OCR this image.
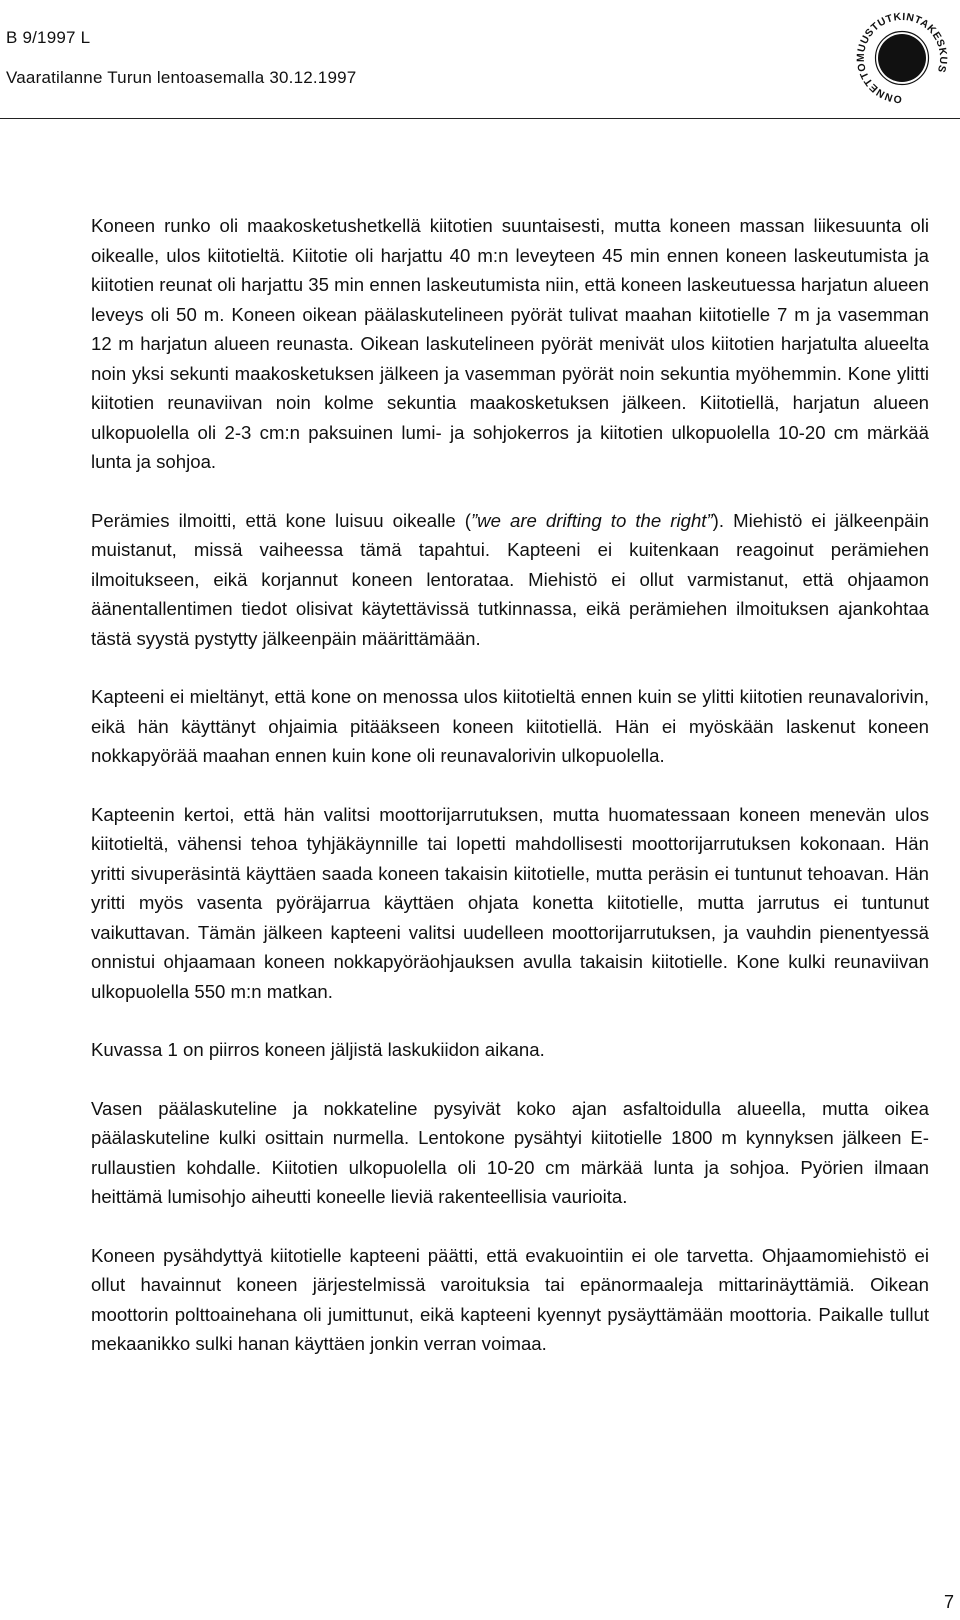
B 9/1997 L
Vaaratilanne Turun lentoasemalla 30.12.1997
ONNETTOMUUSTUTKINTAKESKUS

Koneen runko oli maakosketushetkellä kiitotien suuntaisesti, mutta koneen massan liikesuunta oli oikealle, ulos kiitotieltä. Kiitotie oli harjattu 40 m:n leveyteen 45 min ennen koneen laskeutumista ja kiitotien reunat oli harjattu 35 min ennen laskeutumista niin, että koneen laskeutuessa harjatun alueen leveys oli 50 m. Koneen oikean päälaskutelineen pyörät tulivat maahan kiitotielle 7 m ja vasemman 12 m harjatun alueen reunasta. Oikean laskutelineen pyörät menivät ulos kiitotien harjatulta alueelta noin yksi sekunti maakosketuksen jälkeen ja vasemman pyörät noin sekuntia myöhemmin. Kone ylitti kiitotien reunaviivan noin kolme sekuntia maakosketuksen jälkeen. Kiitotiellä, harjatun alueen ulkopuolella oli 2-3 cm:n paksuinen lumi- ja sohjokerros ja kiitotien ulkopuolella 10-20 cm märkää lunta ja sohjoa.

Perämies ilmoitti, että kone luisuu oikealle (”we are drifting to the right”). Miehistö ei jälkeenpäin muistanut, missä vaiheessa tämä tapahtui. Kapteeni ei kuitenkaan reagoinut perämiehen ilmoitukseen, eikä korjannut koneen lentorataa. Miehistö ei ollut varmistanut, että ohjaamon äänentallentimen tiedot olisivat käytettävissä tutkinnassa, eikä perämiehen ilmoituksen ajankohtaa tästä syystä pystytty jälkeenpäin määrittämään.

Kapteeni ei mieltänyt, että kone on menossa ulos kiitotieltä ennen kuin se ylitti kiitotien reunavalorivin, eikä hän käyttänyt ohjaimia pitääkseen koneen kiitotiellä. Hän ei myöskään laskenut koneen nokkapyörää maahan ennen kuin kone oli reunavalorivin ulkopuolella.

Kapteenin kertoi, että hän valitsi moottorijarrutuksen, mutta huomatessaan koneen menevän ulos kiitotieltä, vähensi tehoa tyhjäkäynnille tai lopetti mahdollisesti moottorijarrutuksen kokonaan. Hän yritti sivuperäsintä käyttäen saada koneen takaisin kiitotielle, mutta peräsin ei tuntunut tehoavan. Hän yritti myös vasenta pyöräjarrua käyttäen ohjata konetta kiitotielle, mutta jarrutus ei tuntunut vaikuttavan. Tämän jälkeen kapteeni valitsi uudelleen moottorijarrutuksen, ja vauhdin pienentyessä onnistui ohjaamaan koneen nokkapyöräohjauksen avulla takaisin kiitotielle. Kone kulki reunaviivan ulkopuolella 550 m:n matkan.

Kuvassa 1 on piirros koneen jäljistä laskukiidon aikana.

Vasen päälaskuteline ja nokkateline pysyivät koko ajan asfaltoidulla alueella, mutta oikea päälaskuteline kulki osittain nurmella. Lentokone pysähtyi kiitotielle 1800 m kynnyksen jälkeen E-rullaustien kohdalle. Kiitotien ulkopuolella oli 10-20 cm märkää lunta ja sohjoa. Pyörien ilmaan heittämä lumisohjo aiheutti koneelle lieviä rakenteellisia vaurioita.

Koneen pysähdyttyä kiitotielle kapteeni päätti, että evakuointiin ei ole tarvetta. Ohjaamomiehistö ei ollut havainnut koneen järjestelmissä varoituksia tai epänormaaleja mittarinäyttämiä. Oikean moottorin polttoainehana oli jumittunut, eikä kapteeni kyennyt pysäyttämään moottoria. Paikalle tullut mekaanikko sulki hanan käyttäen jonkin verran voimaa.

7
